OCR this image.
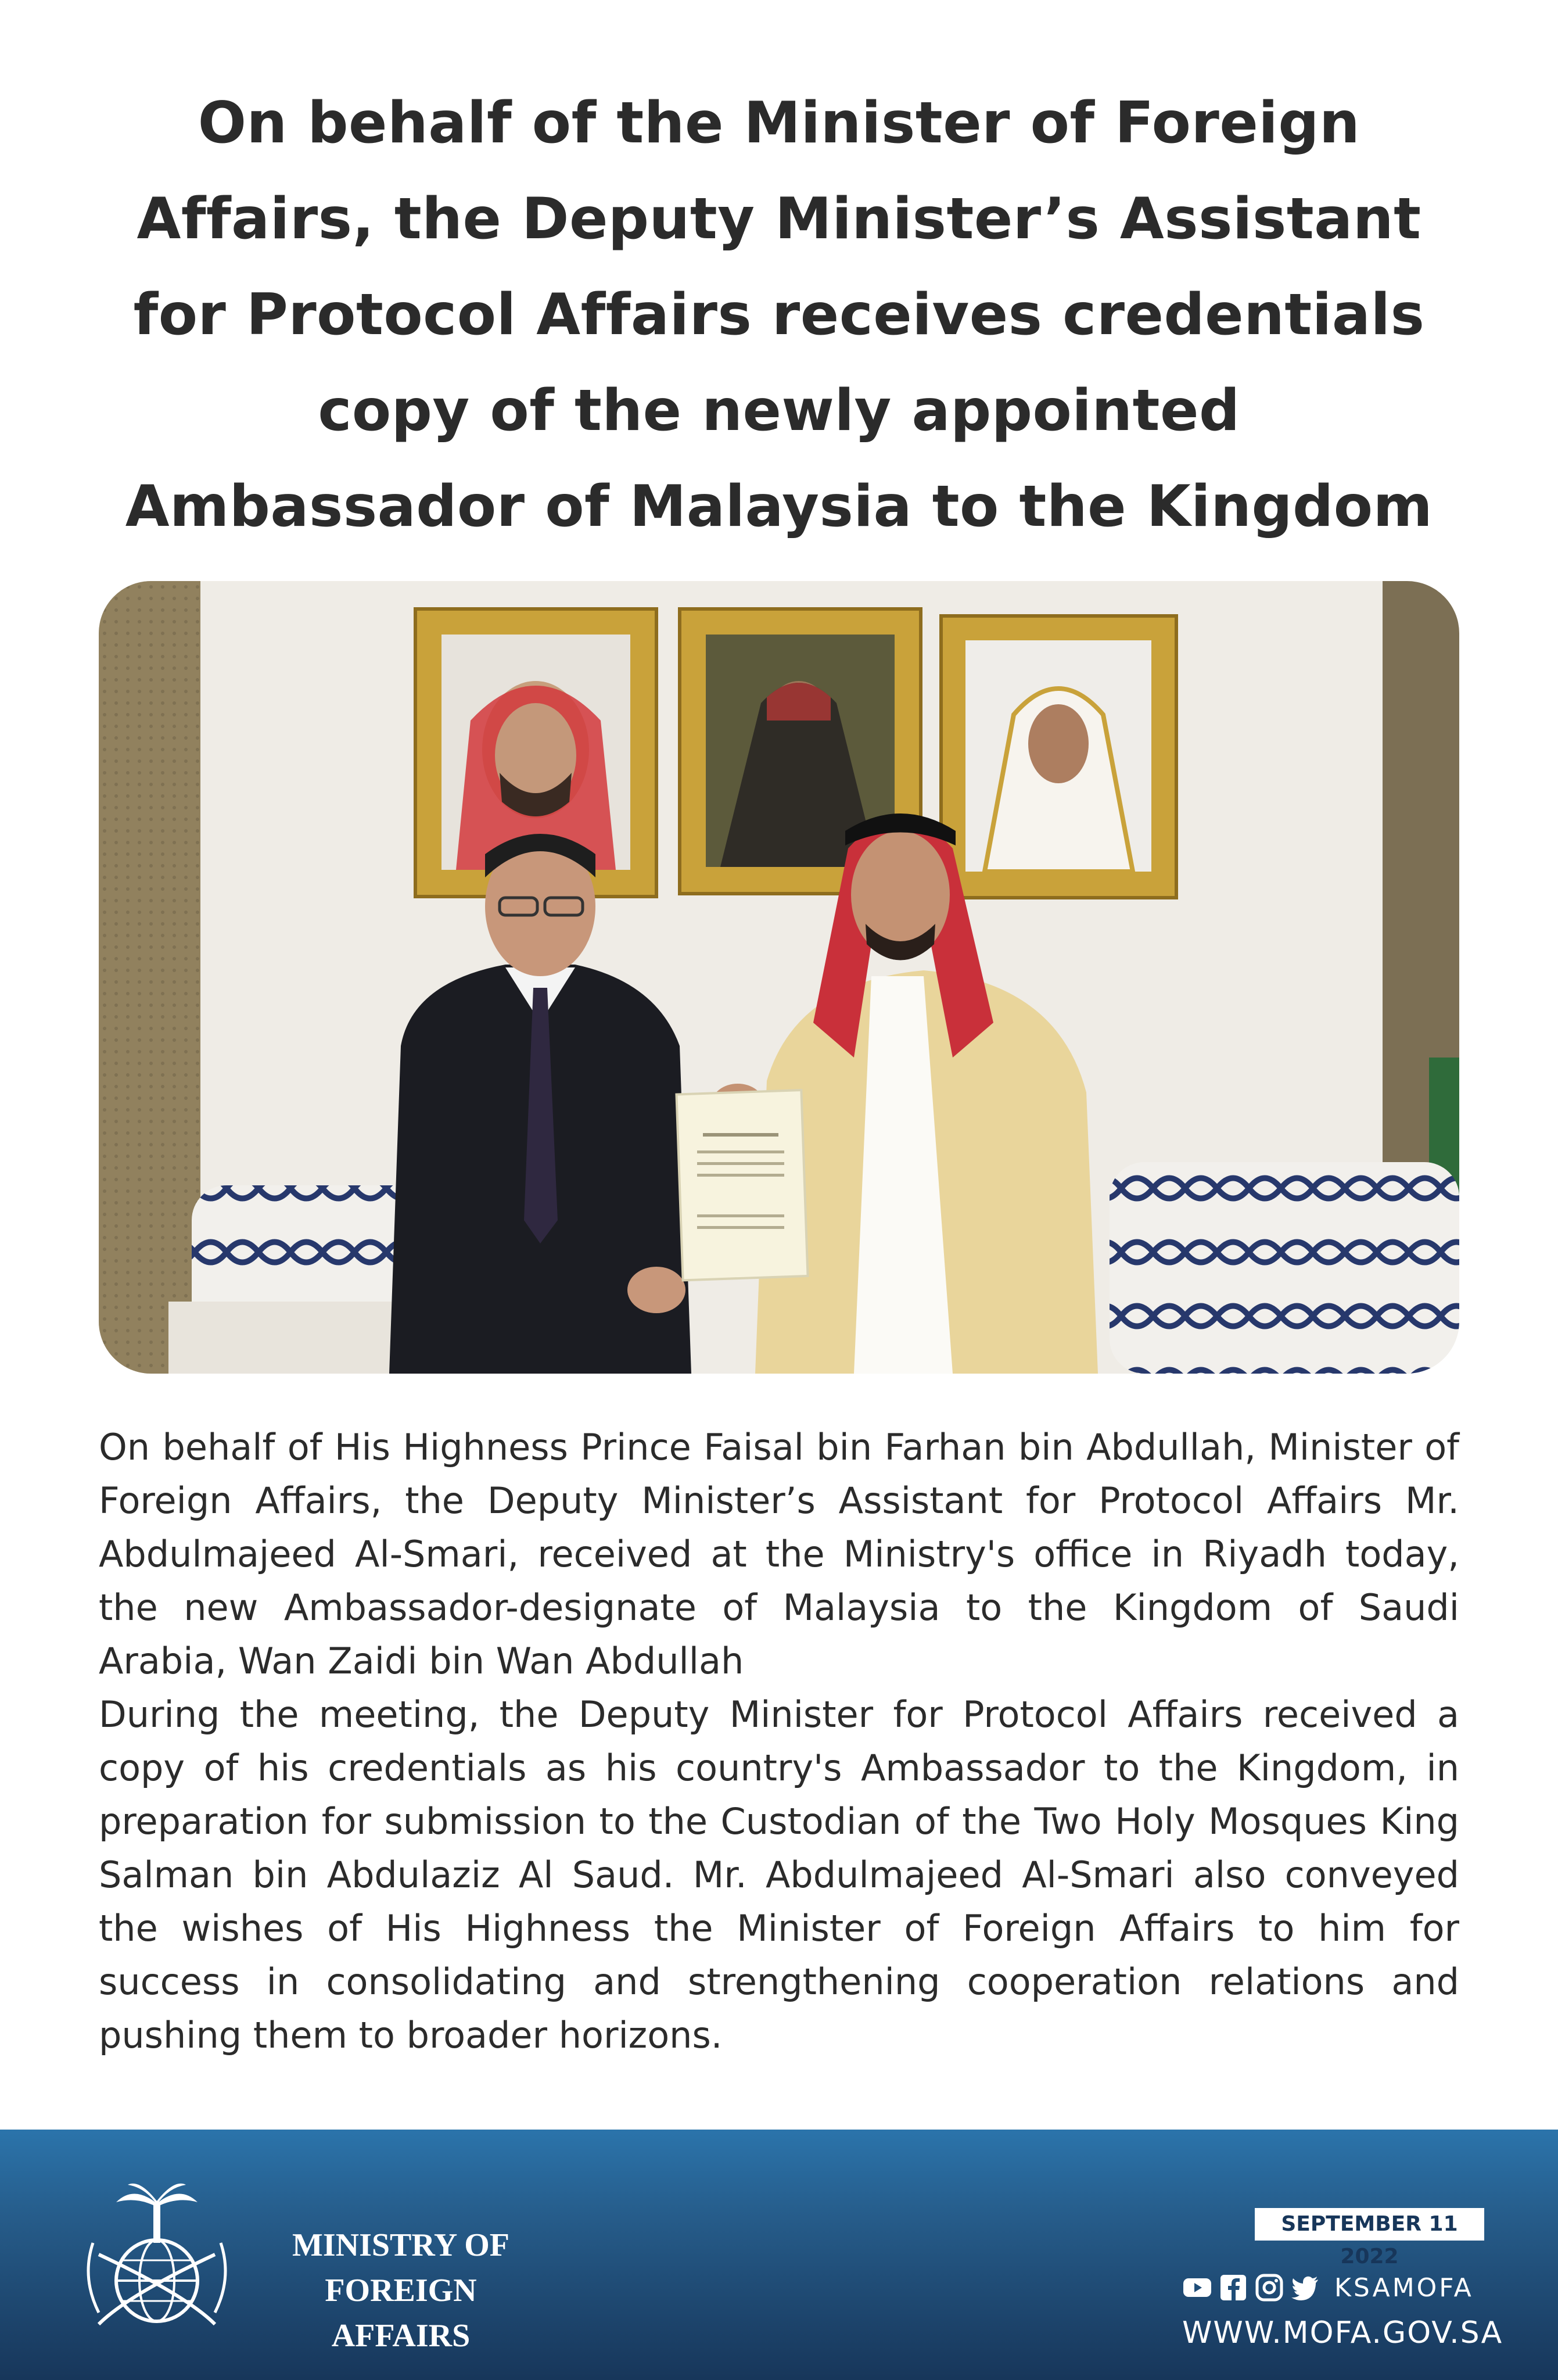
On behalf of the Minister of Foreign
Affairs, the Deputy Minister’s Assistant
for Protocol Affairs receives credentials
copy of the newly appointed
Ambassador of Malaysia to the Kingdom

On behalf of His Highness Prince Faisal bin Farhan bin Abdullah, Minister of Foreign Affairs, the Deputy Minister’s Assistant for Protocol Affairs Mr. Abdulmajeed Al-Smari, received at the Ministry's office in Riyadh today, the new Ambassador-designate of Malaysia to the Kingdom of Saudi Arabia, Wan Zaidi bin Wan Abdullah

During the meeting, the Deputy Minister for Protocol Affairs received a copy of his credentials as his country's Ambassador to the Kingdom, in preparation for submission to the Custodian of the Two Holy Mosques King Salman bin Abdulaziz Al Saud. Mr. Abdulmajeed Al-Smari also conveyed the wishes of His Highness the Minister of Foreign Affairs to him for success in consolidating and strengthening cooperation relations and pushing them to broader horizons.

MINISTRY OF
FOREIGN AFFAIRS
SEPTEMBER 11 2022
KSAMOFA
WWW.MOFA.GOV.SA
